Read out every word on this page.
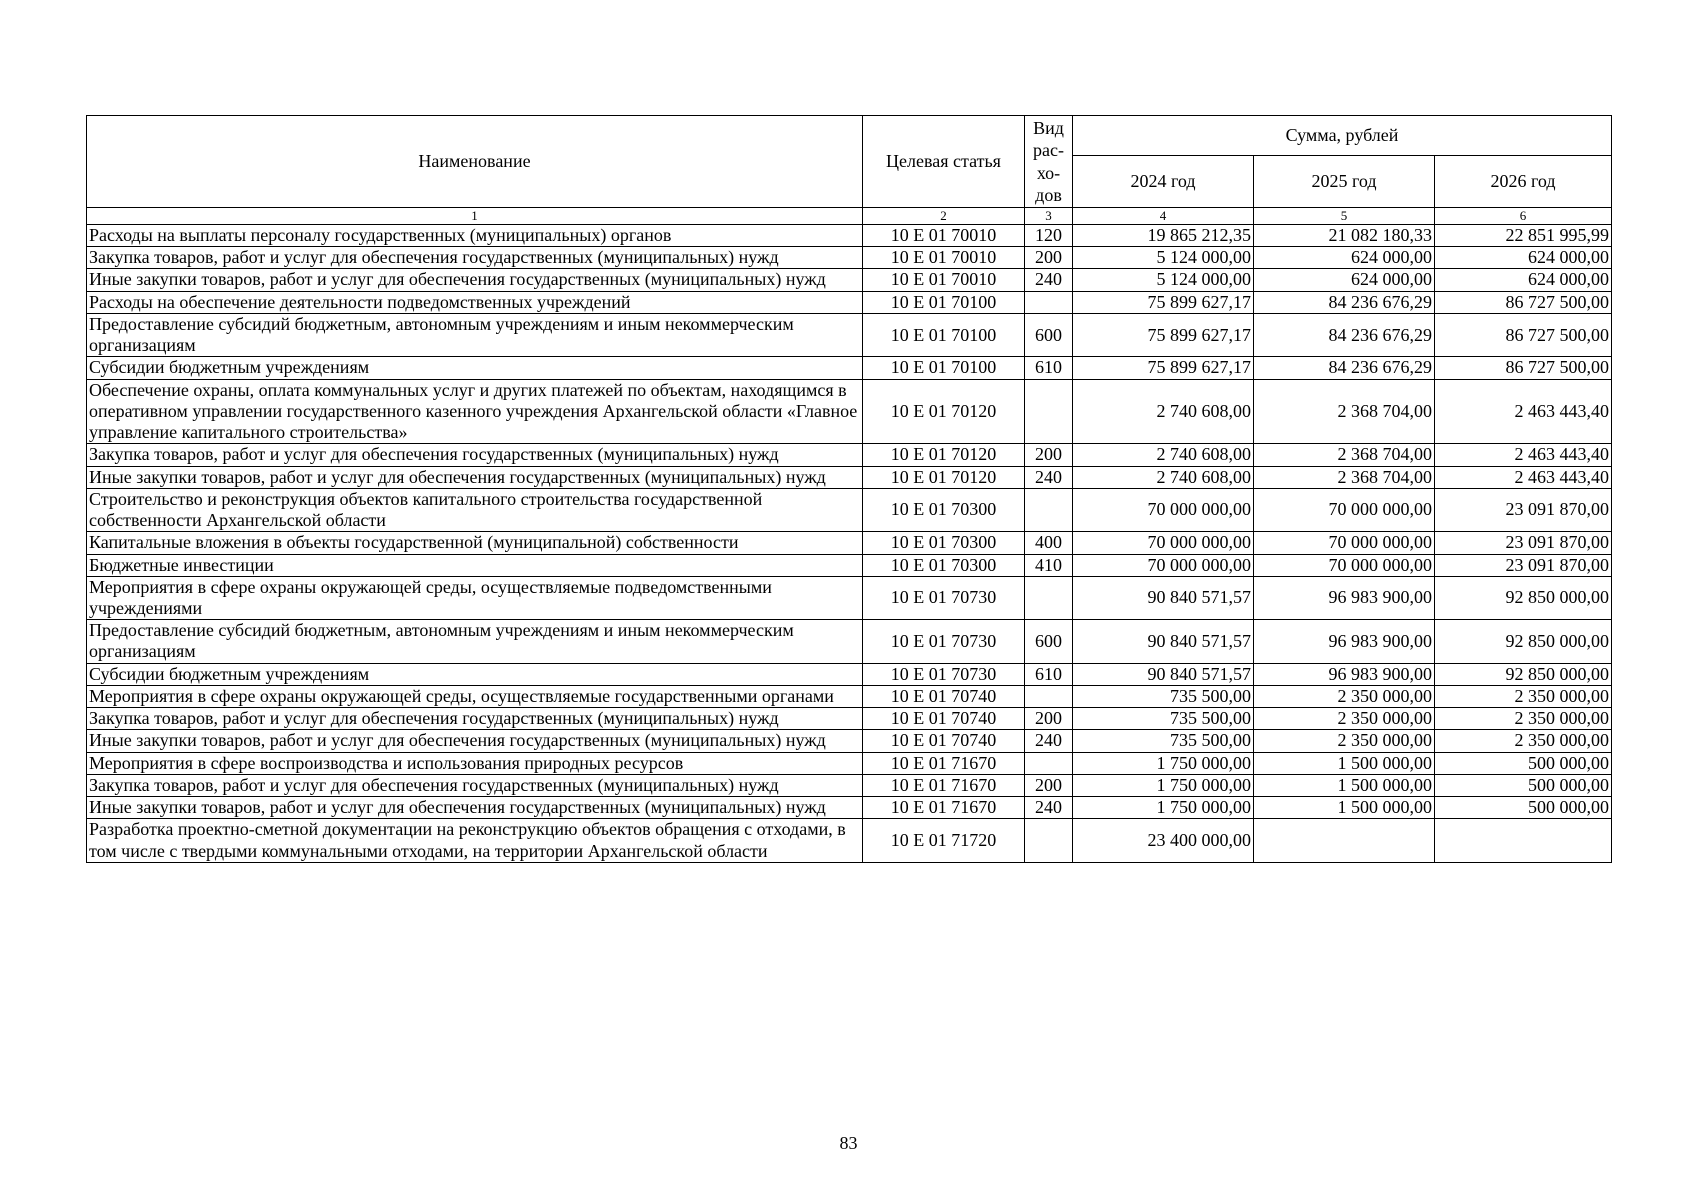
Наименование	Целевая статья	Вид
рас-
хо-
дов	Сумма, рублей		
			2024 год	2025 год	2026 год
1	2	3	4	5	6
Расходы на выплаты персоналу государственных (муниципальных) органов	10 Е 01 70010	120	19 865 212,35	21 082 180,33	22 851 995,99
Закупка товаров, работ и услуг для обеспечения государственных (муниципальных) нужд	10 Е 01 70010	200	5 124 000,00	624 000,00	624 000,00
Иные закупки товаров, работ и услуг для обеспечения государственных (муниципальных) нужд	10 Е 01 70010	240	5 124 000,00	624 000,00	624 000,00
Расходы на обеспечение деятельности подведомственных учреждений	10 Е 01 70100		75 899 627,17	84 236 676,29	86 727 500,00
Предоставление субсидий бюджетным, автономным учреждениям и иным некоммерческим организациям	10 Е 01 70100	600	75 899 627,17	84 236 676,29	86 727 500,00
Субсидии бюджетным учреждениям	10 Е 01 70100	610	75 899 627,17	84 236 676,29	86 727 500,00
Обеспечение охраны, оплата коммунальных услуг и других платежей по объектам, находящимся в оперативном управлении государственного казенного учреждения Архангельской области «Главное управление капитального строительства»	10 Е 01 70120		2 740 608,00	2 368 704,00	2 463 443,40
Закупка товаров, работ и услуг для обеспечения государственных (муниципальных) нужд	10 Е 01 70120	200	2 740 608,00	2 368 704,00	2 463 443,40
Иные закупки товаров, работ и услуг для обеспечения государственных (муниципальных) нужд	10 Е 01 70120	240	2 740 608,00	2 368 704,00	2 463 443,40
Строительство и реконструкция объектов капитального строительства государственной собственности Архангельской области	10 Е 01 70300		70 000 000,00	70 000 000,00	23 091 870,00
Капитальные вложения в объекты государственной (муниципальной) собственности	10 Е 01 70300	400	70 000 000,00	70 000 000,00	23 091 870,00
Бюджетные инвестиции	10 Е 01 70300	410	70 000 000,00	70 000 000,00	23 091 870,00
Мероприятия в сфере охраны окружающей среды, осуществляемые подведомственными учреждениями	10 Е 01 70730		90 840 571,57	96 983 900,00	92 850 000,00
Предоставление субсидий бюджетным, автономным учреждениям и иным некоммерческим организациям	10 Е 01 70730	600	90 840 571,57	96 983 900,00	92 850 000,00
Субсидии бюджетным учреждениям	10 Е 01 70730	610	90 840 571,57	96 983 900,00	92 850 000,00
Мероприятия в сфере охраны окружающей среды, осуществляемые государственными органами	10 Е 01 70740		735 500,00	2 350 000,00	2 350 000,00
Закупка товаров, работ и услуг для обеспечения государственных (муниципальных) нужд	10 Е 01 70740	200	735 500,00	2 350 000,00	2 350 000,00
Иные закупки товаров, работ и услуг для обеспечения государственных (муниципальных) нужд	10 Е 01 70740	240	735 500,00	2 350 000,00	2 350 000,00
Мероприятия в сфере воспроизводства и использования природных ресурсов	10 Е 01 71670		1 750 000,00	1 500 000,00	500 000,00
Закупка товаров, работ и услуг для обеспечения государственных (муниципальных) нужд	10 Е 01 71670	200	1 750 000,00	1 500 000,00	500 000,00
Иные закупки товаров, работ и услуг для обеспечения государственных (муниципальных) нужд	10 Е 01 71670	240	1 750 000,00	1 500 000,00	500 000,00
Разработка проектно-сметной документации на реконструкцию объектов обращения с отходами, в том числе с твердыми коммунальными отходами, на территории Архангельской области	10 Е 01 71720		23 400 000,00		
83
